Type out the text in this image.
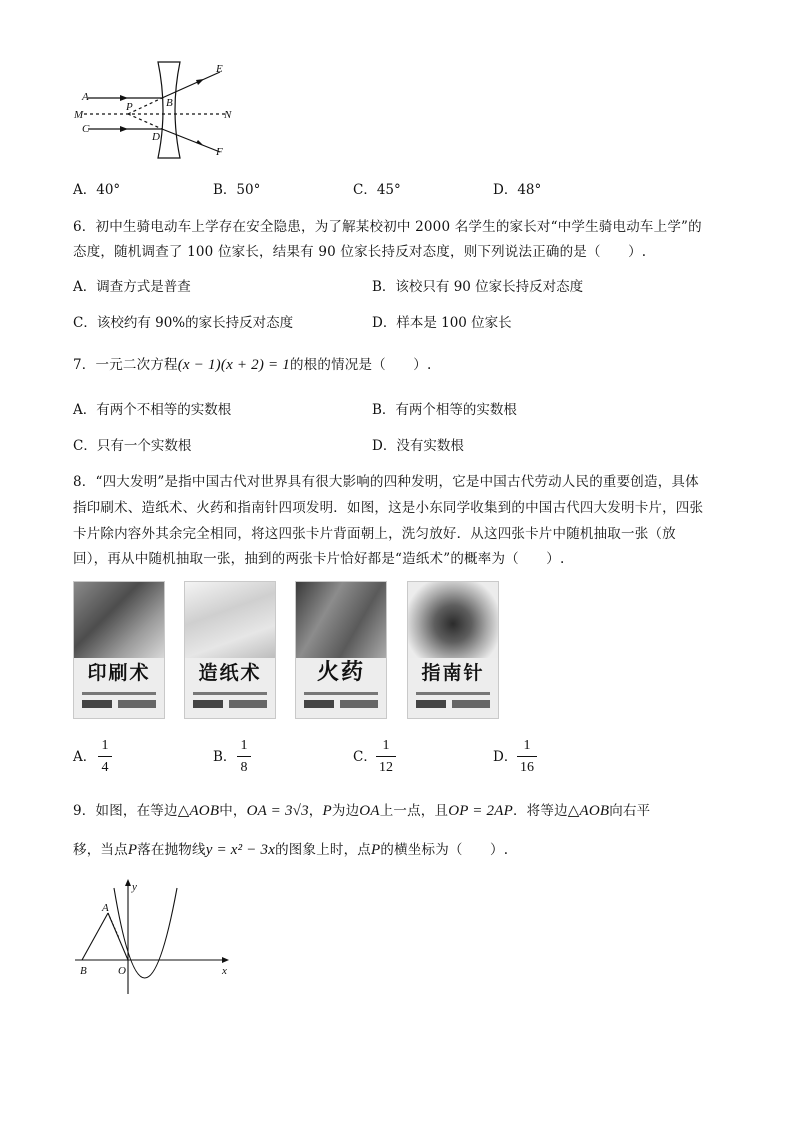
A
M
C
P	B
D
E
N
F
A．40°	B．50°	C．45°	D．48°
6．初中生骑电动车上学存在安全隐患，为了解某校初中 2000 名学生的家长对“中学生骑电动车上学”的
态度，随机调查了 100 位家长，结果有 90 位家长持反对态度，则下列说法正确的是（　　）.
A．调查方式是普查	B．该校只有 90 位家长持反对态度
C．该校约有 90%的家长持反对态度	D．样本是 100 位家长
7．一元二次方程(x − 1)(x + 2) = 1的根的情况是（　　）.
A．有两个不相等的实数根	B．有两个相等的实数根
C．只有一个实数根	D．没有实数根
8．“四大发明”是指中国古代对世界具有很大影响的四种发明，它是中国古代劳动人民的重要创造，具体
指印刷术、造纸术、火药和指南针四项发明．如图，这是小东同学收集到的中国古代四大发明卡片，四张
卡片除内容外其余完全相同，将这四张卡片背面朝上，洗匀放好．从这四张卡片中随机抽取一张（放
回），再从中随机抽取一张，抽到的两张卡片恰好都是“造纸术”的概率为（　　）.
印刷术	造纸术	火药	指南针
A．
1
4
B．
1
8
C．
1
12
D．
1
16
9．如图，在等边△AOB中，OA = 3√3，P为边OA上一点，且OP = 2AP．将等边△AOB向右平
移，当点P落在抛物线y = x² − 3x的图象上时，点P的横坐标为（　　）.
y
x
A
B	O
